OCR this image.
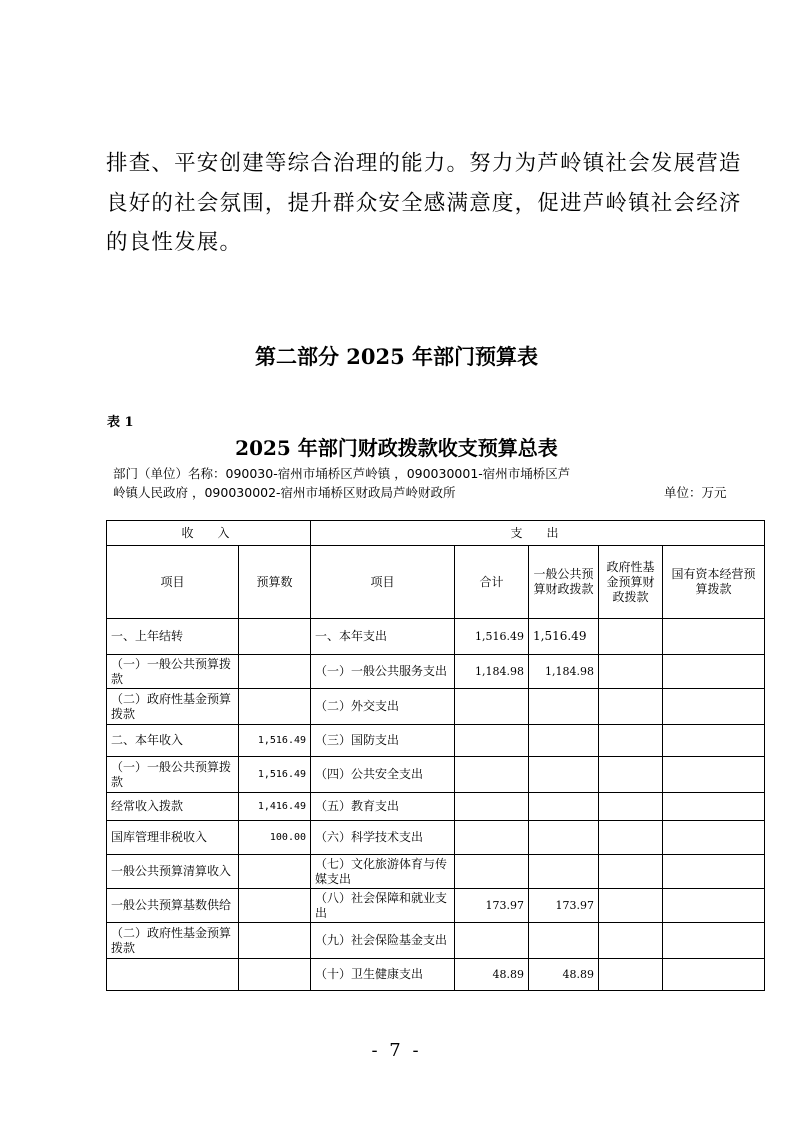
排查、平安创建等综合治理的能力。努力为芦岭镇社会发展营造
良好的社会氛围，提升群众安全感满意度，促进芦岭镇社会经济
的良性发展。
第二部分 2025 年部门预算表
表 1
2025 年部门财政拨款收支预算总表
部门（单位）名称：090030-宿州市埇桥区芦岭镇 ，090030001-宿州市埇桥区芦
岭镇人民政府 ，090030002-宿州市埇桥区财政局芦岭财政所	单位：万元
收　入		支　出				
项目	预算数	项目	合计	一般公共预算财政拨款	政府性基金预算财政拨款	国有资本经营预算拨款
一、上年结转		一、本年支出	1,516.49	1,516.49		
（一）一般公共预算拨款		（一）一般公共服务支出	1,184.98	1,184.98		
（二）政府性基金预算拨款		（二）外交支出				
二、本年收入	1,516.49	（三）国防支出				
（一）一般公共预算拨款	1,516.49	（四）公共安全支出				
经常收入拨款	1,416.49	（五）教育支出				
国库管理非税收入	100.00	（六）科学技术支出				
一般公共预算清算收入		（七）文化旅游体育与传媒支出				
一般公共预算基数供给		（八）社会保障和就业支出	173.97	173.97		
（二）政府性基金预算拨款		（九）社会保险基金支出				
		（十）卫生健康支出	48.89	48.89		
- 7 -
